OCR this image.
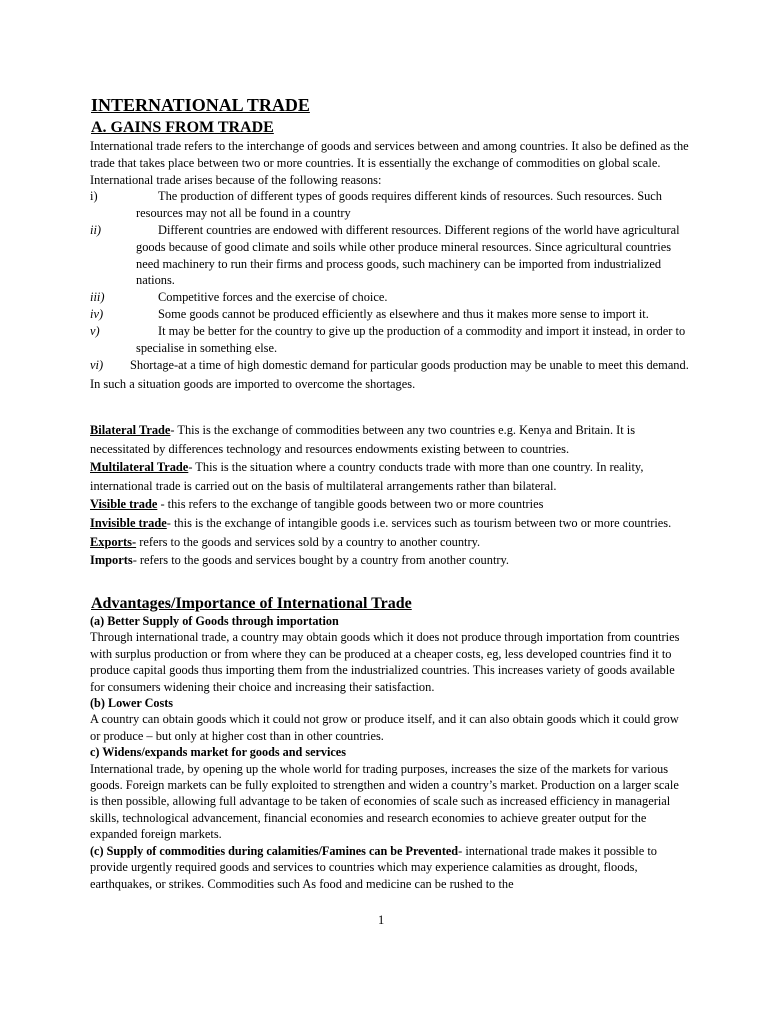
INTERNATIONAL TRADE
A. GAINS FROM TRADE

International trade refers to the interchange of goods and services between and among countries. It also be defined as the trade that takes place between two or more countries. It is essentially the exchange of commodities on global scale. International trade arises because of the following reasons:

i)	The production of different types of goods requires different kinds of resources. Such resources. Such resources may not all be found in a country
ii)	Different countries are endowed with different resources. Different regions of the world have agricultural goods because of good climate and soils while other produce mineral resources. Since agricultural countries need machinery to run their firms and process goods, such machinery can be imported from industrialized nations.
iii)	Competitive forces and the exercise of choice.
iv)	Some goods cannot be produced efficiently as elsewhere and thus it makes more sense to import it.
v)	It may be better for the country to give up the production of a commodity and import it instead, in order to specialise in something else.

vi) Shortage-at a time of high domestic demand for particular goods production may be unable to meet this demand. In such a situation goods are imported to overcome the shortages.

Bilateral Trade- This is the exchange of commodities between any two countries e.g. Kenya and Britain. It is necessitated by differences technology and resources endowments existing between to countries.

Multilateral Trade- This is the situation where a country conducts trade with more than one country. In reality, international trade is carried out on the basis of multilateral arrangements rather than bilateral.

Visible trade - this refers to the exchange of tangible goods between two or more countries

Invisible trade- this is the exchange of intangible goods i.e. services such as tourism between two or more countries.

Exports- refers to the goods and services sold by a country to another country.

Imports- refers to the goods and services bought by a country from another country.

Advantages/Importance of International Trade

(a) Better Supply of Goods through importation

Through international trade, a country may obtain goods which it does not produce through importation from countries with surplus production or from where they can be produced at a cheaper costs, eg, less developed countries find it to produce capital goods thus importing them from the industrialized countries. This increases variety of goods available for consumers widening their choice and increasing their satisfaction.

(b) Lower Costs

A country can obtain goods which it could not grow or produce itself, and it can also obtain goods which it could grow or produce – but only at higher cost than in other countries.

c) Widens/expands market for goods and services

International trade, by opening up the whole world for trading purposes, increases the size of the markets for various goods. Foreign markets can be fully exploited to strengthen and widen a country’s market. Production on a larger scale is then possible, allowing full advantage to be taken of economies of scale such as increased efficiency in managerial skills, technological advancement, financial economies and research economies to achieve greater output for the expanded foreign markets.

(c) Supply of commodities during calamities/Famines can be Prevented- international trade makes it possible to provide urgently required goods and services to countries which may experience calamities as drought, floods, earthquakes, or strikes. Commodities such As food and medicine can be rushed to the

1
